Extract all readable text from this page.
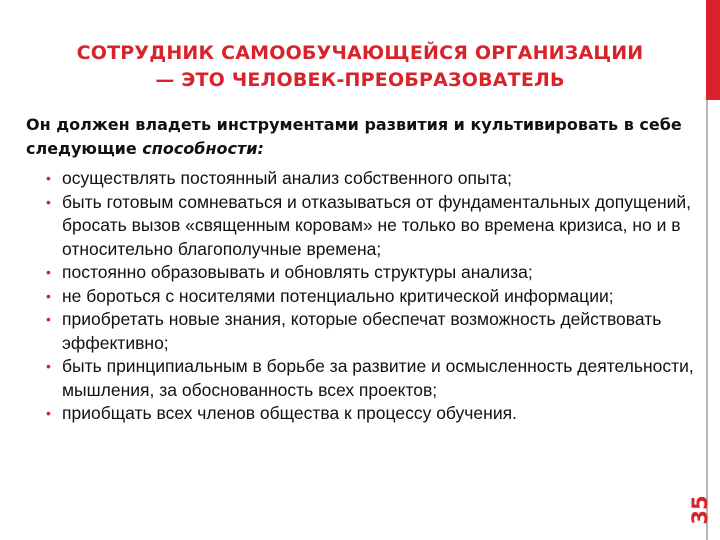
СОТРУДНИК САМООБУЧАЮЩЕЙСЯ ОРГАНИЗАЦИИ
— ЭТО ЧЕЛОВЕК-ПРЕОБРАЗОВАТЕЛЬ
Он должен владеть инструментами развития и культивировать в себе следующие способности:
• осуществлять постоянный анализ собственного опыта;
• быть готовым сомневаться и отказываться от фундаментальных допущений, бросать вызов «священным коровам» не только во времена кризиса, но и в относительно благополучные времена;
• постоянно образовывать и обновлять структуры анализа;
• не бороться с носителями потенциально критической информации;
• приобретать новые знания, которые обеспечат возможность действовать эффективно;
• быть принципиальным в борьбе за развитие и осмысленность деятельности, мышления, за обоснованность всех проектов;
• приобщать всех членов общества к процессу обучения.
35
